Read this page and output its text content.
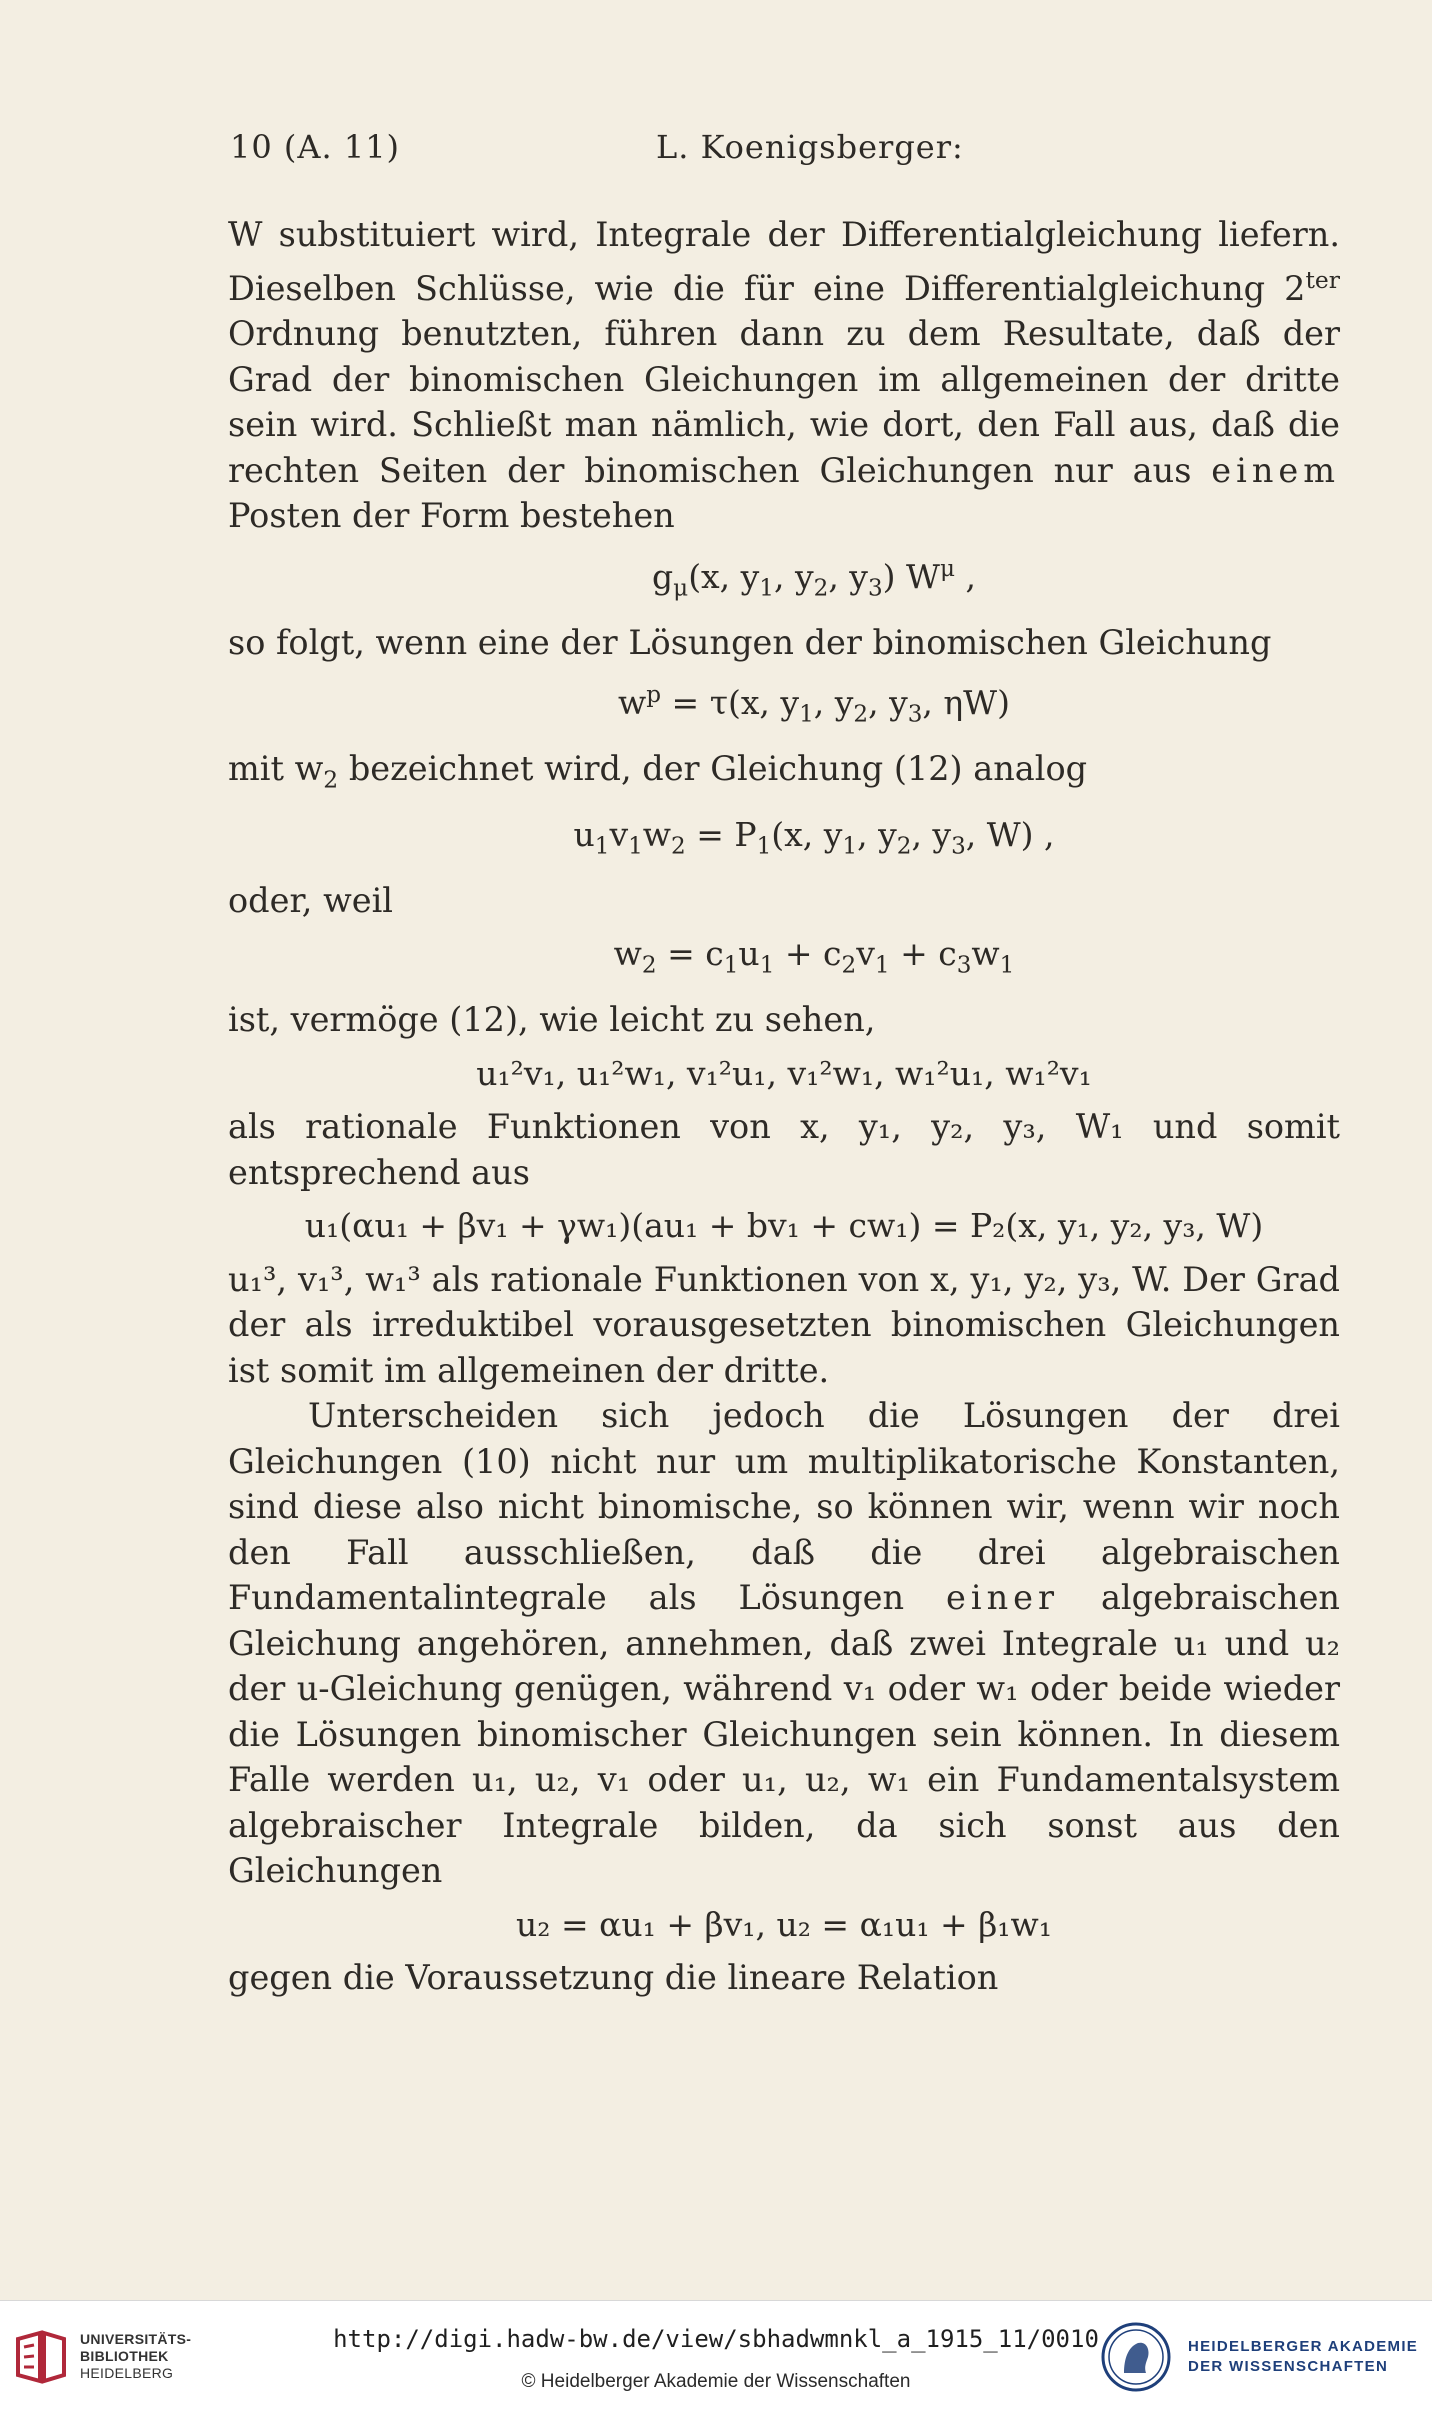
10 (A. 11)	L. Koenigsberger:

W substituiert wird, Integrale der Differentialgleichung liefern. Dieselben Schlüsse, wie die für eine Differentialgleichung $2^{ter}$ Ordnung benutzten, führen dann zu dem Resultate, daß der Grad der binomischen Gleichungen im allgemeinen der dritte sein wird. Schließt man nämlich, wie dort, den Fall aus, daß die rechten Seiten der binomischen Gleichungen nur aus einem Posten der Form bestehen

$g_\mu(x$, $y_1$, $y_2$, $y_3$) $W^\mu$ ,

so folgt, wenn eine der Lösungen der binomischen Gleichung

$w^p = \tau(x$, $y_1$, $y_2$, $y_3$, ηW)

mit $w_2$ bezeichnet wird, der Gleichung (12) analog

$u_1v_1w_2 = P_1(x$, $y_1$, $y_2$, $y_3$, W) ,

oder, weil

$w_2 = c_1u_1 + c_2v_1 + c_3w_1$

ist, vermöge (12), wie leicht zu sehen,

u₁²v₁, u₁²w₁, v₁²u₁, v₁²w₁, w₁²u₁, w₁²v₁

als rationale Funktionen von x, y₁, y₂, y₃, W₁ und somit entsprechend aus

u₁(αu₁ + βv₁ + γw₁)(au₁ + bv₁ + cw₁) = P₂(x, y₁, y₂, y₃, W)

u₁³, v₁³, w₁³ als rationale Funktionen von x, y₁, y₂, y₃, W. Der Grad der als irreduktibel vorausgesetzten binomischen Gleichungen ist somit im allgemeinen der dritte.

Unterscheiden sich jedoch die Lösungen der drei Gleichungen (10) nicht nur um multiplikatorische Konstanten, sind diese also nicht binomische, so können wir, wenn wir noch den Fall ausschließen, daß die drei algebraischen Fundamentalintegrale als Lösungen einer algebraischen Gleichung angehören, annehmen, daß zwei Integrale u₁ und u₂ der u-Gleichung genügen, während v₁ oder w₁ oder beide wieder die Lösungen binomischer Gleichungen sein können. In diesem Falle werden u₁, u₂, v₁ oder u₁, u₂, w₁ ein Fundamentalsystem algebraischer Integrale bilden, da sich sonst aus den Gleichungen

u₂ = αu₁ + βv₁, u₂ = α₁u₁ + β₁w₁

gegen die Voraussetzung die lineare Relation

UNIVERSITÄTS-
BIBLIOTHEK
HEIDELBERG
http://digi.hadw-bw.de/view/sbhadwmnkl_a_1915_11/0010
© Heidelberger Akademie der Wissenschaften
HEIDELBERGER AKADEMIE
DER WISSENSCHAFTEN
